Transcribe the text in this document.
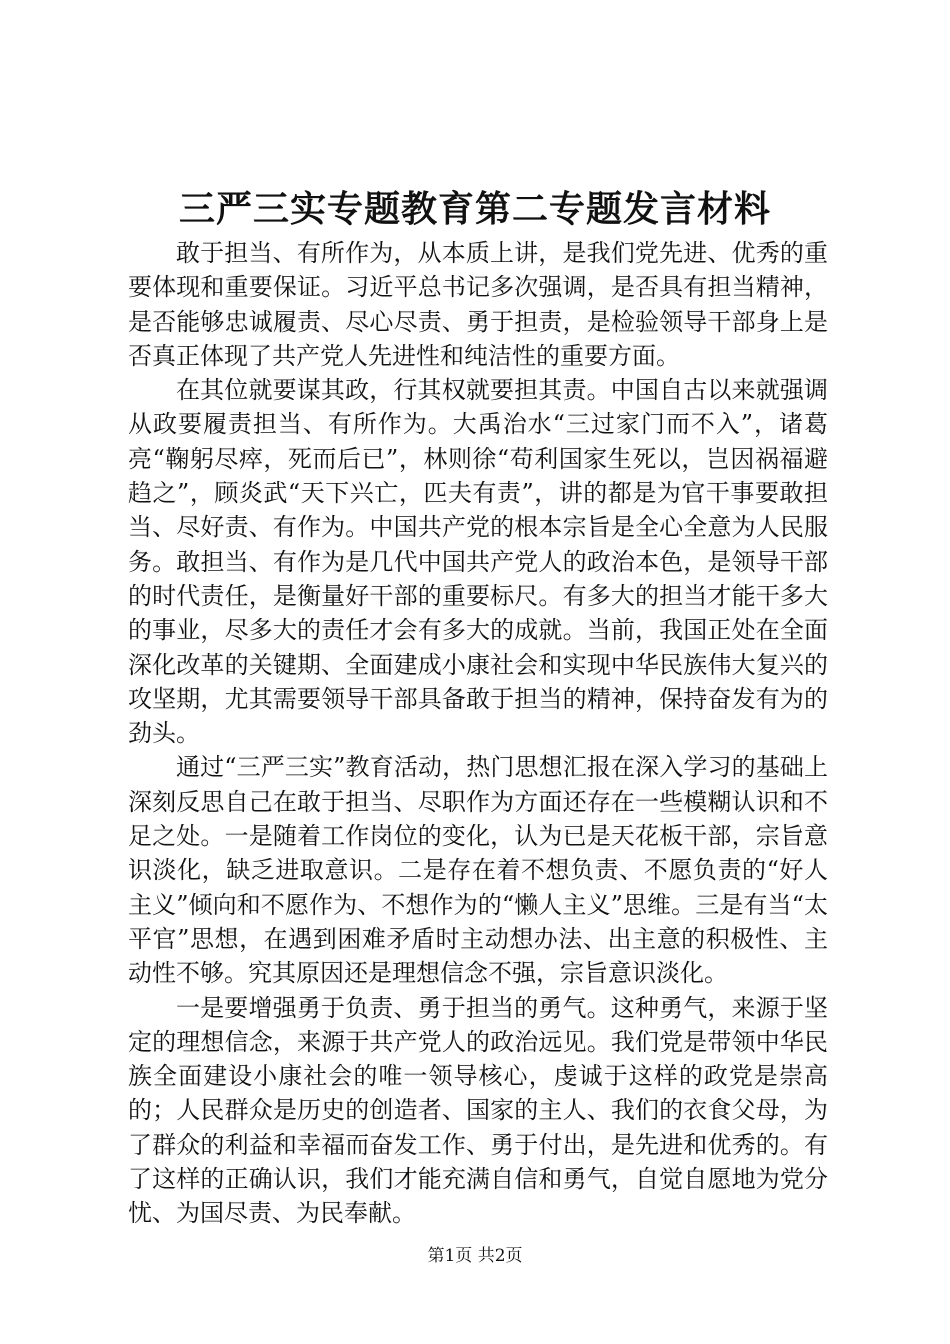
三严三实专题教育第二专题发言材料

敢于担当、有所作为，从本质上讲，是我们党先进、优秀的重要体现和重要保证。习近平总书记多次强调，是否具有担当精神，是否能够忠诚履责、尽心尽责、勇于担责，是检验领导干部身上是否真正体现了共产党人先进性和纯洁性的重要方面。

在其位就要谋其政，行其权就要担其责。中国自古以来就强调从政要履责担当、有所作为。大禹治水“三过家门而不入”，诸葛亮“鞠躬尽瘁，死而后已”，林则徐“苟利国家生死以，岂因祸福避趋之”，顾炎武“天下兴亡，匹夫有责”，讲的都是为官干事要敢担当、尽好责、有作为。中国共产党的根本宗旨是全心全意为人民服务。敢担当、有作为是几代中国共产党人的政治本色，是领导干部的时代责任，是衡量好干部的重要标尺。有多大的担当才能干多大的事业，尽多大的责任才会有多大的成就。当前，我国正处在全面深化改革的关键期、全面建成小康社会和实现中华民族伟大复兴的攻坚期，尤其需要领导干部具备敢于担当的精神，保持奋发有为的劲头。

通过“三严三实”教育活动，热门思想汇报在深入学习的基础上深刻反思自己在敢于担当、尽职作为方面还存在一些模糊认识和不足之处。一是随着工作岗位的变化，认为已是天花板干部，宗旨意识淡化，缺乏进取意识。二是存在着不想负责、不愿负责的“好人主义”倾向和不愿作为、不想作为的“懒人主义”思维。三是有当“太平官”思想，在遇到困难矛盾时主动想办法、出主意的积极性、主动性不够。究其原因还是理想信念不强，宗旨意识淡化。

一是要增强勇于负责、勇于担当的勇气。这种勇气，来源于坚定的理想信念，来源于共产党人的政治远见。我们党是带领中华民族全面建设小康社会的唯一领导核心，虔诚于这样的政党是崇高的；人民群众是历史的创造者、国家的主人、我们的衣食父母，为了群众的利益和幸福而奋发工作、勇于付出，是先进和优秀的。有了这样的正确认识，我们才能充满自信和勇气，自觉自愿地为党分忧、为国尽责、为民奉献。

第1页 共2页
